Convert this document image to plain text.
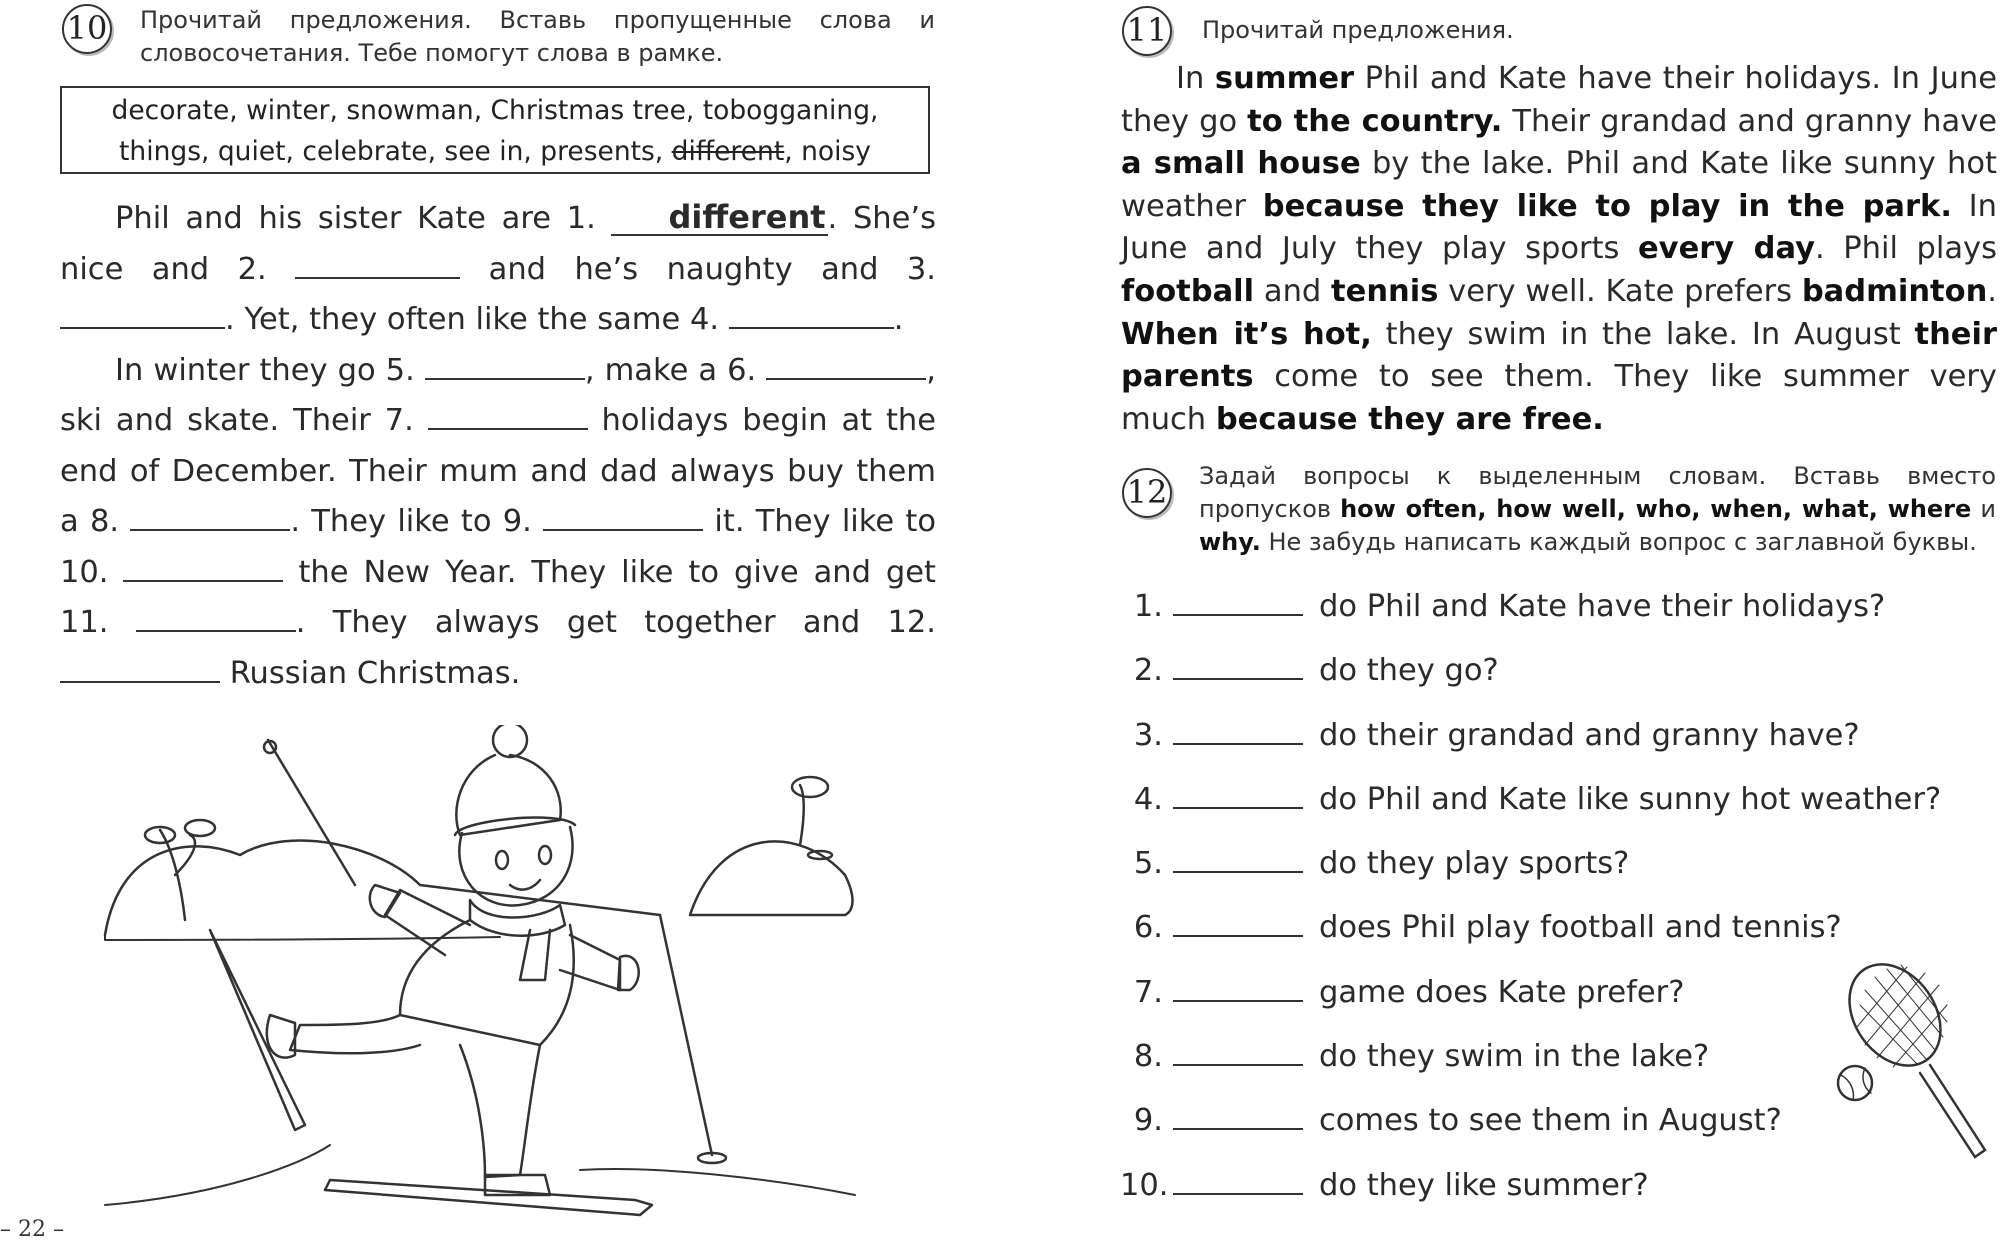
10 Прочитай предложения. Вставь пропущенные слова и словосочетания. Тебе помогут слова в рамке.
decorate, winter, snowman, Christmas tree, tobogganing,
things, quiet, celebrate, see in, presents, different, noisy

Phil and his sister Kate are 1. different. She’s nice and 2.	and he’s naughty and 3. . Yet, they often like the same 4.	.

In winter they go 5.	, make a 6.	, ski and skate. Their 7.	holidays begin at the end of December. Their mum and dad always buy them a 8.	. They like to 9.	it. They like to 10.	the New Year. They like to give and get 11.	. They always get together and 12.  Russian Christmas.

– 22 –
11 Прочитай предложения.

In summer Phil and Kate have their holidays. In June they go to the country. Their grandad and granny have a small house by the lake. Phil and Kate like sunny hot weather because they like to play in the park. In June and July they play sports every day. Phil plays football and tennis very well. Kate prefers badminton. When it’s hot, they swim in the lake. In August their parents come to see them. They like summer very much because they are free.

12 Задай вопросы к выделенным словам. Вставь вместо пропусков how often, how well, who, when, what, where и why. Не забудь написать каждый вопрос с заглавной буквы.
1.	do Phil and Kate have their holidays?
2.	do they go?
3.	do their grandad and granny have?
4.	do Phil and Kate like sunny hot weather?
5.	do they play sports?
6.	does Phil play football and tennis?
7.	game does Kate prefer?
8.	do they swim in the lake?
9.	comes to see them in August?
10.	do they like summer?
